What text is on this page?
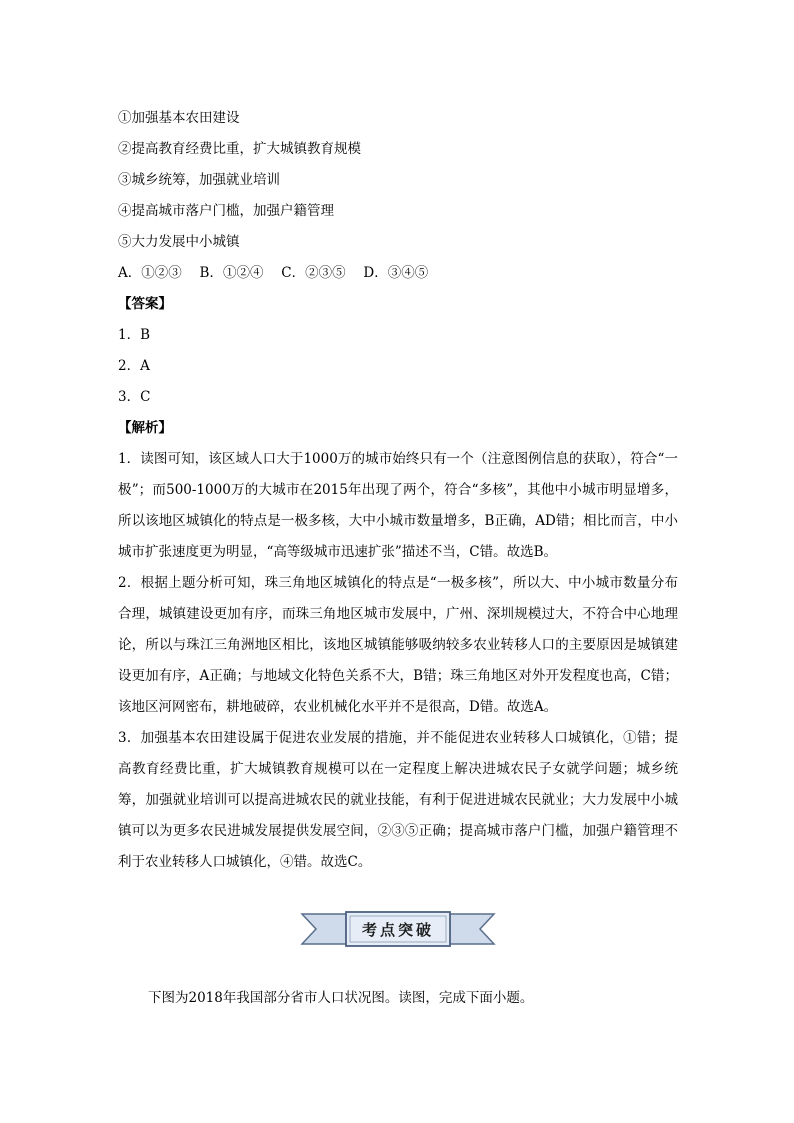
①加强基本农田建设
②提高教育经费比重，扩大城镇教育规模
③城乡统筹，加强就业培训
④提高城市落户门槛，加强户籍管理
⑤大力发展中小城镇
A．①②③　 B．①②④　 C．②③⑤　 D．③④⑤
【答案】
1．B
2．A
3．C
【解析】

1．读图可知，该区域人口大于1000万的城市始终只有一个（注意图例信息的获取），符合“一极”；而500-1000万的大城市在2015年出现了两个，符合“多核”，其他中小城市明显增多，所以该地区城镇化的特点是一极多核，大中小城市数量增多，B正确，AD错；相比而言，中小城市扩张速度更为明显，“高等级城市迅速扩张”描述不当，C错。故选B。

2．根据上题分析可知，珠三角地区城镇化的特点是“一极多核”，所以大、中小城市数量分布合理，城镇建设更加有序，而珠三角地区城市发展中，广州、深圳规模过大，不符合中心地理论，所以与珠江三角洲地区相比，该地区城镇能够吸纳较多农业转移人口的主要原因是城镇建设更加有序，A正确；与地域文化特色关系不大，B错；珠三角地区对外开发程度也高，C错；该地区河网密布，耕地破碎，农业机械化水平并不是很高，D错。故选A。

3．加强基本农田建设属于促进农业发展的措施，并不能促进农业转移人口城镇化，①错；提高教育经费比重，扩大城镇教育规模可以在一定程度上解决进城农民子女就学问题；城乡统筹，加强就业培训可以提高进城农民的就业技能，有利于促进进城农民就业；大力发展中小城镇可以为更多农民进城发展提供发展空间，②③⑤正确；提高城市落户门槛，加强户籍管理不利于农业转移人口城镇化，④错。故选C。

考点突破
下图为2018年我国部分省市人口状况图。读图，完成下面小题。
